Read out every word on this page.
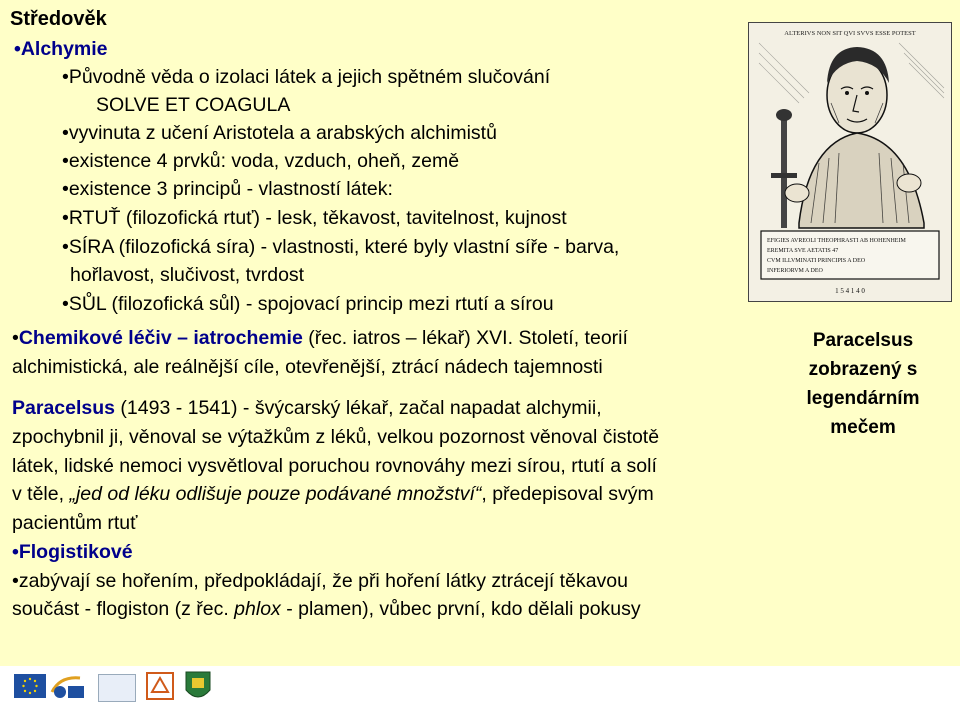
Středověk
•Alchymie
•Původně věda o izolaci látek a jejich spětném slučování
SOLVE ET COAGULA
•vyvinuta z učení Aristotela a arabských alchimistů
•existence 4 prvků: voda, vzduch, oheň, země
•existence 3 principů - vlastností látek:
•RTUŤ (filozofická rtuť) - lesk, těkavost, tavitelnost, kujnost
•SÍRA (filozofická síra) - vlastnosti, které byly vlastní síře - barva,
hořlavost, slučivost, tvrdost
•SŮL (filozofická sůl) - spojovací princip mezi rtutí a sírou
•Chemikové léčiv – iatrochemie (řec. iatros – lékař) XVI. Století, teorií
alchimistická, ale reálnější cíle, otevřenější, ztrácí nádech tajemnosti
Paracelsus (1493 - 1541) - švýcarský lékař, začal napadat alchymii,
zpochybnil ji, věnoval se výtažkům z léků, velkou pozornost věnoval čistotě
látek, lidské nemoci vysvětloval poruchou rovnováhy mezi sírou, rtutí a solí
v těle, „jed od léku odlišuje pouze podávané množství“, předepisoval svým
pacientům rtuť
•Flogistikové
•zabývají se hořením, předpokládají, že při hoření látky ztrácejí těkavou
součást - flogiston (z řec. phlox - plamen), vůbec první, kdo dělali pokusy
ALTERIVS NON SIT QVI SVVS ESSE POTEST
EFIGIES AVREOLI THEOPHRASTI AB HOHENHEIM
EREMITA SVE AETATIS 47
CVM ILLVMINATI PRINCIPIS A DEO
INFERIORVM A DEO
1 5 4 1 4 0
Paracelsus
zobrazený s
legendárním
mečem
